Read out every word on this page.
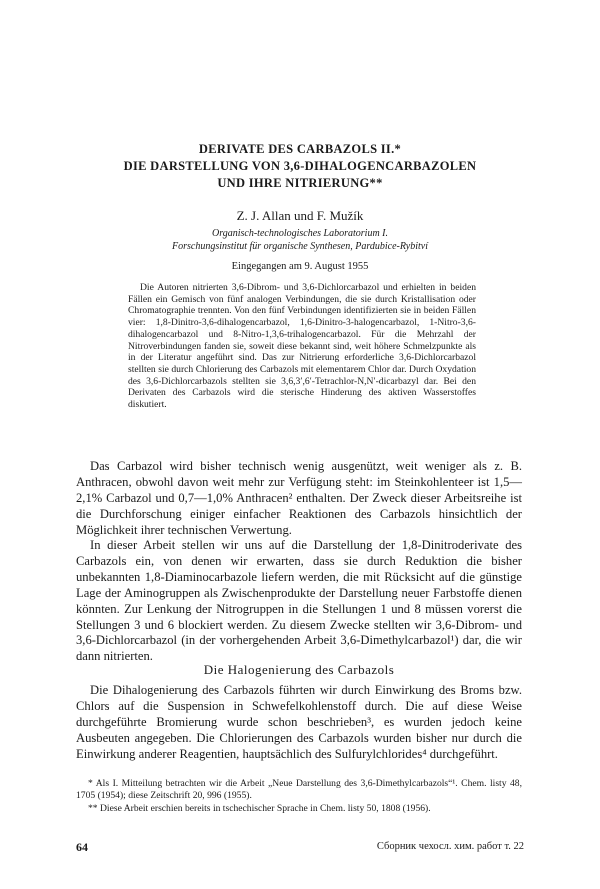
DERIVATE DES CARBAZOLS II.*
DIE DARSTELLUNG VON 3,6-DIHALOGENCARBAZOLEN
UND IHRE NITRIERUNG**
Z. J. Allan und F. Mužík
Organisch-technologisches Laboratorium I.
Forschungsinstitut für organische Synthesen, Pardubice-Rybitví
Eingegangen am 9. August 1955
Die Autoren nitrierten 3,6-Dibrom- und 3,6-Dichlorcarbazol und erhielten in beiden Fällen ein Gemisch von fünf analogen Verbindungen, die sie durch Kristallisation oder Chromatographie trennten. Von den fünf Verbindungen identifizierten sie in beiden Fällen vier: 1,8-Dinitro-3,6-dihalogencarbazol, 1,6-Dinitro-3-halogencarbazol, 1-Nitro-3,6-dihalogencarbazol und 8-Nitro-1,3,6-trihalogencarbazol. Für die Mehrzahl der Nitroverbindungen fanden sie, soweit diese bekannt sind, weit höhere Schmelzpunkte als in der Literatur angeführt sind. Das zur Nitrierung erforderliche 3,6-Dichlorcarbazol stellten sie durch Chlorierung des Carbazols mit elementarem Chlor dar. Durch Oxydation des 3,6-Dichlorcarbazols stellten sie 3,6,3′,6′-Tetrachlor-N,N′-dicarbazyl dar. Bei den Derivaten des Carbazols wird die sterische Hinderung des aktiven Wasserstoffes diskutiert.
Das Carbazol wird bisher technisch wenig ausgenützt, weit weniger als z. B. Anthracen, obwohl davon weit mehr zur Verfügung steht: im Steinkohlenteer ist 1,5—2,1% Carbazol und 0,7—1,0% Anthracen² enthalten. Der Zweck dieser Arbeitsreihe ist die Durchforschung einiger einfacher Reaktionen des Carbazols hinsichtlich der Möglichkeit ihrer technischen Verwertung.
In dieser Arbeit stellen wir uns auf die Darstellung der 1,8-Dinitroderivate des Carbazols ein, von denen wir erwarten, dass sie durch Reduktion die bisher unbekannten 1,8-Diaminocarbazole liefern werden, die mit Rücksicht auf die günstige Lage der Aminogruppen als Zwischenprodukte der Darstellung neuer Farbstoffe dienen könnten. Zur Lenkung der Nitrogruppen in die Stellungen 1 und 8 müssen vorerst die Stellungen 3 und 6 blockiert werden. Zu diesem Zwecke stellten wir 3,6-Dibrom- und 3,6-Dichlorcarbazol (in der vorhergehenden Arbeit 3,6-Dimethylcarbazol¹) dar, die wir dann nitrierten.
Die Halogenierung des Carbazols
Die Dihalogenierung des Carbazols führten wir durch Einwirkung des Broms bzw. Chlors auf die Suspension in Schwefelkohlenstoff durch. Die auf diese Weise durchgeführte Bromierung wurde schon beschrieben³, es wurden jedoch keine Ausbeuten angegeben. Die Chlorierungen des Carbazols wurden bisher nur durch die Einwirkung anderer Reagentien, hauptsächlich des Sulfurylchlorides⁴ durchgeführt.
* Als I. Mitteilung betrachten wir die Arbeit „Neue Darstellung des 3,6-Dimethylcarbazols“¹. Chem. listy 48, 1705 (1954); diese Zeitschrift 20, 996 (1955).
** Diese Arbeit erschien bereits in tschechischer Sprache in Chem. listy 50, 1808 (1956).
64	Сборник чехосл. хим. работ т. 22
